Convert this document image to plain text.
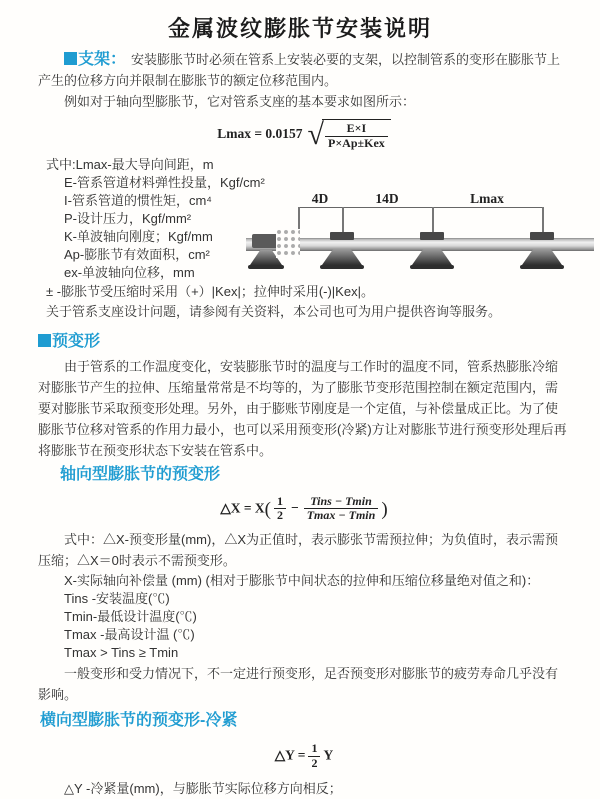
金属波纹膨胀节安装说明

支架： 安装膨胀节时必须在管系上安装必要的支架，以控制管系的变形在膨胀节上产生的位移方向并限制在膨胀节的额定位移范围内。

例如对于轴向型膨胀节，它对管系支座的基本要求如图所示：

Lmax = 0.0157 √ $\frac{E\times I}{\text{P×Ap±Kex}}$
式中:Lmax-最大导向间距，m
E-管系管道材料弹性投量，Kgf/cm²
I-管系管道的惯性矩，cm⁴
P-设计压力，Kgf/mm²
K-单波轴向刚度；Kgf/mm
Ap-膨胀节有效面积，cm²
ex-单波轴向位移，mm
± -膨胀节受压缩时采用（+）|Kex|；拉伸时采用(-)|Kex|。
关于管系支座设计问题，请参阅有关资料，本公司也可为用户提供咨询等服务。
预变形

由于管系的工作温度变化，安装膨胀节时的温度与工作时的温度不同，管系热膨胀冷缩对膨胀节产生的拉伸、压缩量常常是不均等的，为了膨胀节变形范围控制在额定范围内，需要对膨胀节采取预变形处理。另外，由于膨账节刚度是一个定值，与补偿量成正比。为了使膨胀节位移对管系的作用力最小，也可以采用预变形(冷紧)方让对膨胀节进行预变形处理后再将膨胀节在预变形状态下安装在管系中。

轴向型膨胀节的预变形
△X = $X( \frac{1}{2} - \frac{\text{Tins − Tmin}}{Tmax - Tmin}$ )

式中：△X-预变形量(mm)，△X为正值时，表示膨张节需预拉伸；为负值时，表示需预压缩；△X＝0时表示不需预变形。

X-实际轴向补偿量 (mm) (相对于膨胀节中间状态的拉伸和压缩位移量绝对值之和)：
Tins -安装温度(℃)
Tmin-最低设计温度(℃)
Tmax -最高设计温 (℃)
Tmax > Tins ≥ Tmin

一般变形和受力情况下，不一定进行预变形，足否预变形对膨胀节的疲劳寿命几乎没有影响。

横向型膨胀节的预变形-冷紧
△Y = $\frac{1}{2}$ Y

△Y -冷紧量(mm)，与膨胀节实际位移方向相反；

4D	14D	Lmax
